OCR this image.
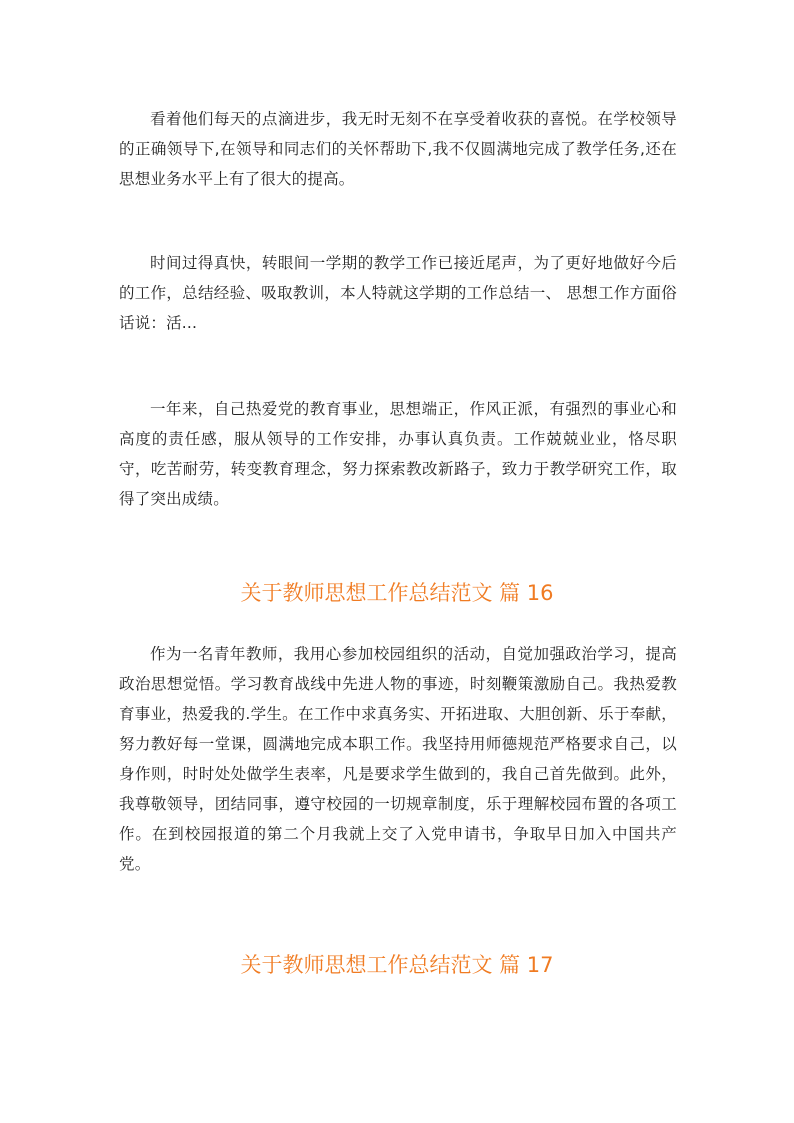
看着他们每天的点滴进步，我无时无刻不在享受着收获的喜悦。在学校领导的正确领导下,在领导和同志们的关怀帮助下,我不仅圆满地完成了教学任务,还在思想业务水平上有了很大的提高。

时间过得真快，转眼间一学期的教学工作已接近尾声，为了更好地做好今后的工作，总结经验、吸取教训，本人特就这学期的工作总结一、 思想工作方面俗话说：活...

一年来，自己热爱党的教育事业，思想端正，作风正派，有强烈的事业心和高度的责任感，服从领导的工作安排，办事认真负责。工作兢兢业业，恪尽职守，吃苦耐劳，转变教育理念，努力探索教改新路子，致力于教学研究工作，取得了突出成绩。

关于教师思想工作总结范文 篇 16

作为一名青年教师，我用心参加校园组织的活动，自觉加强政治学习，提高政治思想觉悟。学习教育战线中先进人物的事迹，时刻鞭策激励自己。我热爱教育事业，热爱我的.学生。在工作中求真务实、开拓进取、大胆创新、乐于奉献，努力教好每一堂课，圆满地完成本职工作。我坚持用师德规范严格要求自己，以身作则，时时处处做学生表率，凡是要求学生做到的，我自己首先做到。此外，我尊敬领导，团结同事，遵守校园的一切规章制度，乐于理解校园布置的各项工作。在到校园报道的第二个月我就上交了入党申请书，争取早日加入中国共产党。

关于教师思想工作总结范文 篇 17
